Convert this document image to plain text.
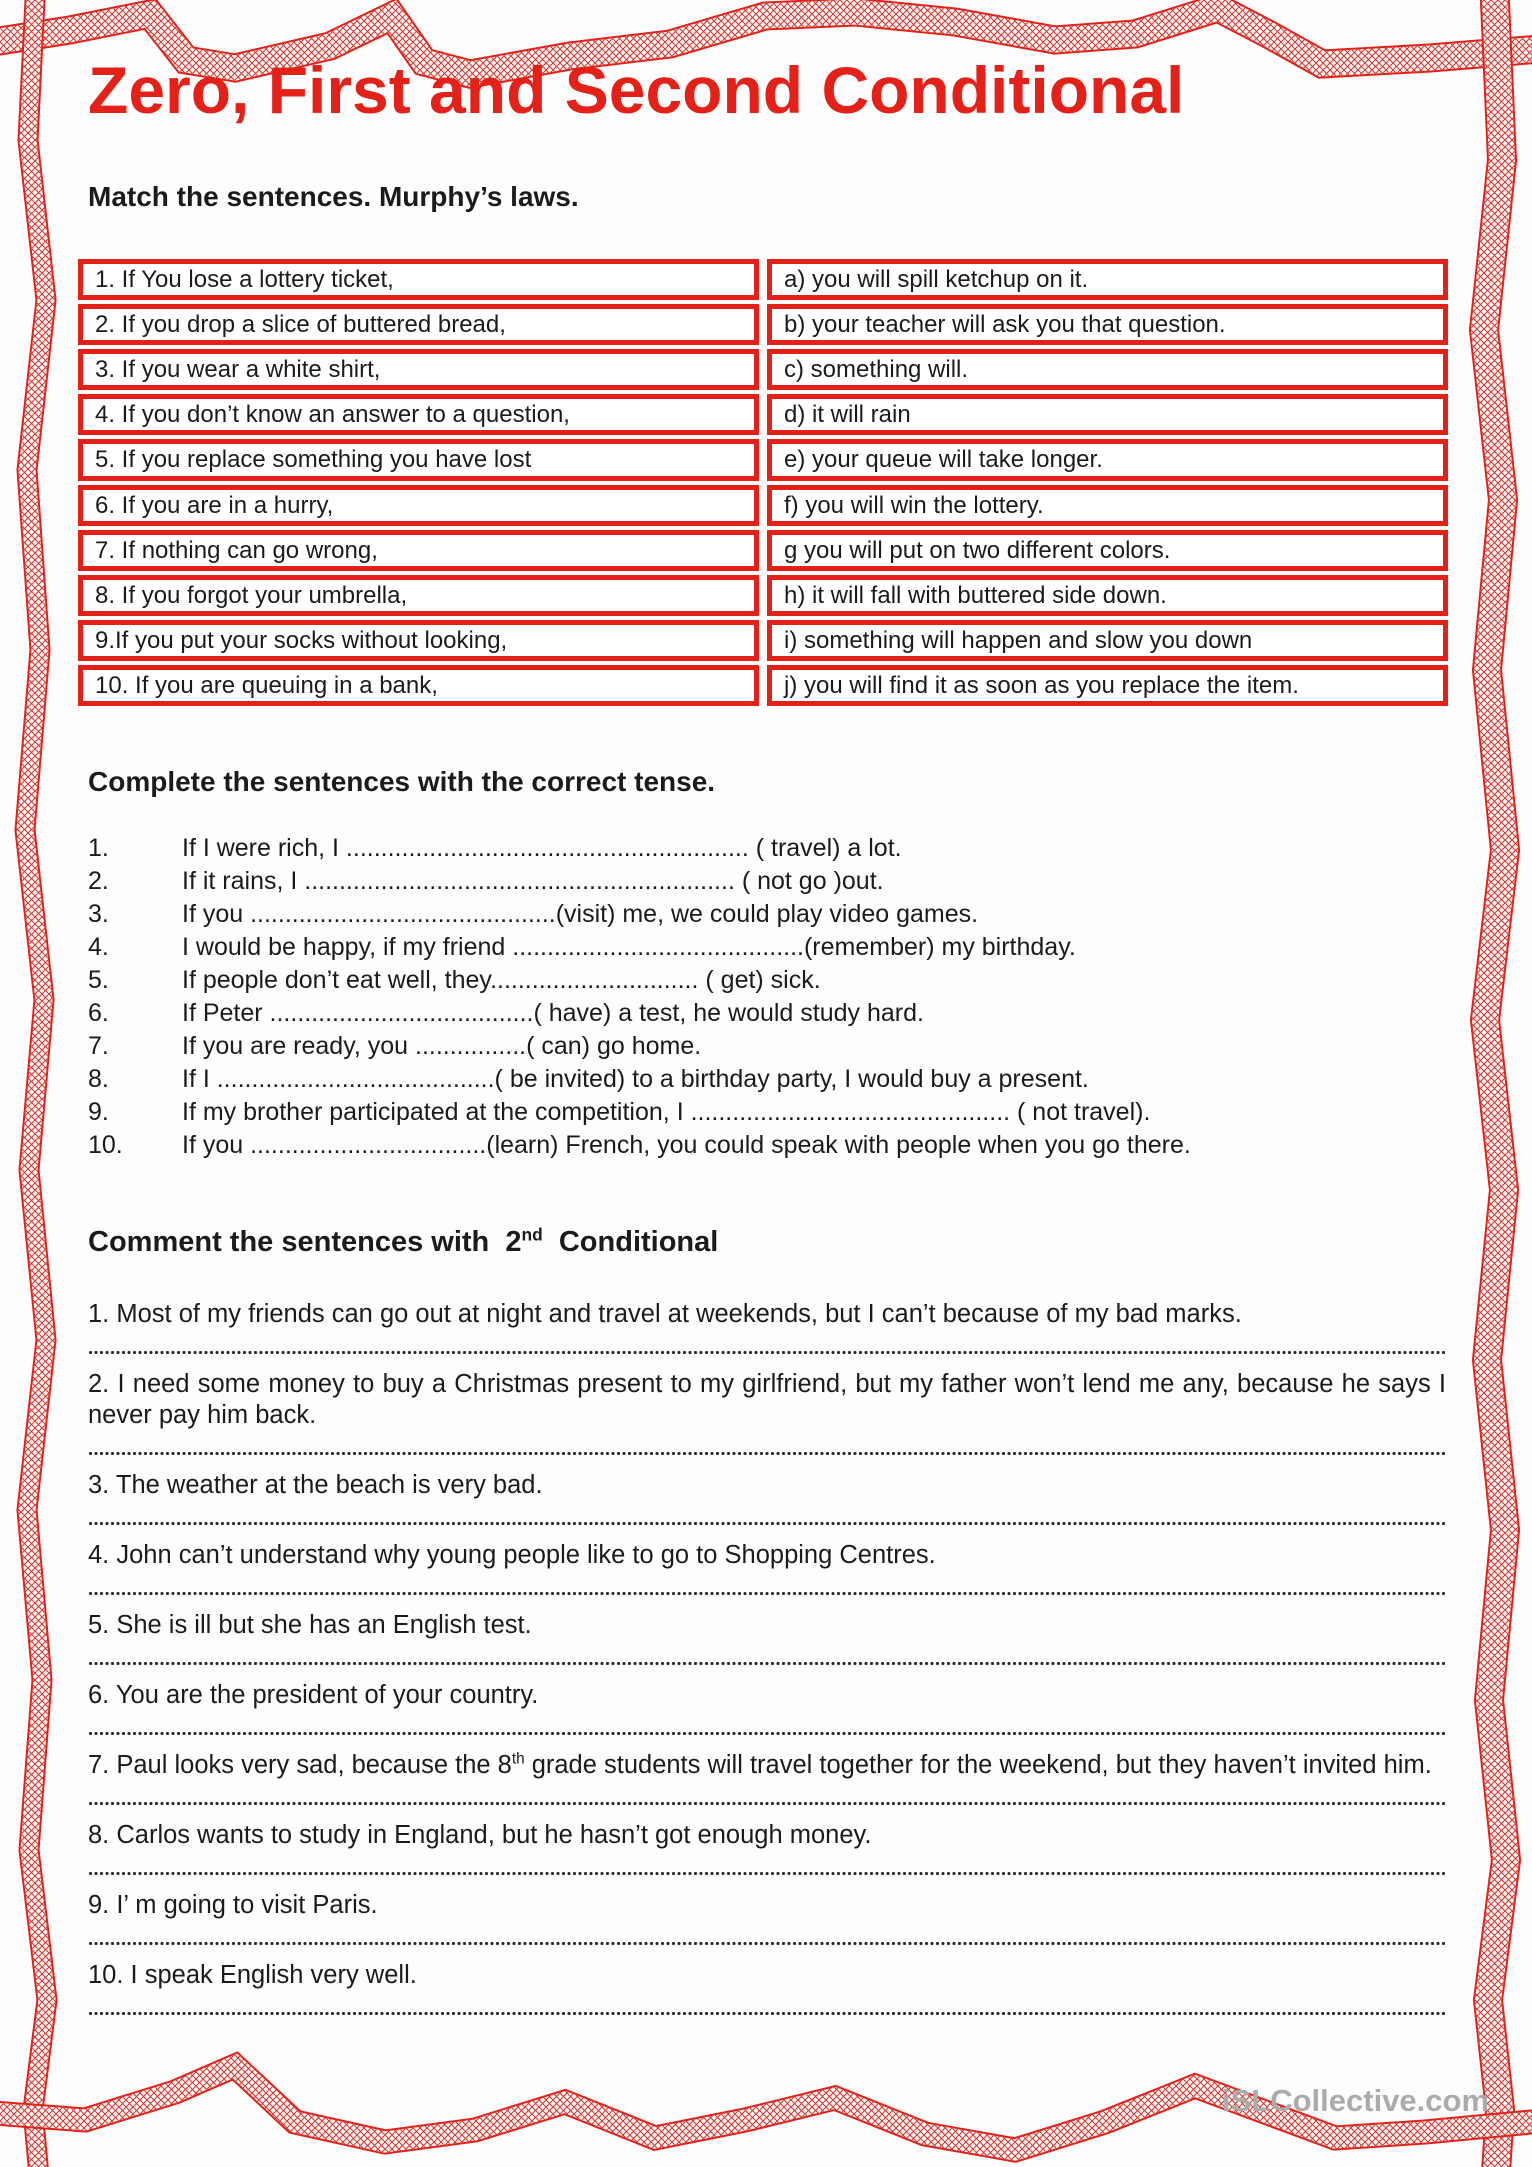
Zero, First and Second Conditional

Match the sentences. Murphy’s laws.

1. If You lose a lottery ticket,	a) you will spill ketchup on it.
2. If you drop a slice of buttered bread,	b) your teacher will ask you that question.
3. If you wear a white shirt,	c) something will.
4. If you don’t know an answer to a question,	d) it will rain
5. If you replace something you have lost	e) your queue will take longer.
6. If you are in a hurry,	f) you will win the lottery.
7. If nothing can go wrong,	g you will put on two different colors.
8. If you forgot your umbrella,	h) it will fall with buttered side down.
9.If you put your socks without looking,	i) something will happen and slow you down
10. If you are queuing in a bank,	j) you will find it as soon as you replace the item.

Complete the sentences with the correct tense.

1.	If I were rich, I .......................................................... ( travel) a lot.
2.	If it rains, I .............................................................. ( not go )out.
3.	If you ............................................(visit) me, we could play video games.
4.	I would be happy, if my friend ..........................................(remember) my birthday.
5.	If people don’t eat well, they.............................. ( get) sick.
6.	If Peter ......................................( have) a test, he would study hard.
7.	If you are ready, you ................( can) go home.
8.	If I ........................................( be invited) to a birthday party, I would buy a present.
9.	If my brother participated at the competition, I .............................................. ( not travel).
10.	If you ..................................(learn) French, you could speak with people when you go there.

Comment the sentences with  2nd  Conditional

1. Most of my friends can go out at night and travel at weekends, but I can’t because of my bad marks.

2. I need some money to buy a Christmas present to my girlfriend, but my father won’t lend me any, because he says I never pay him back.

3. The weather at the beach is very bad.

4. John can’t understand why young people like to go to Shopping Centres.

5. She is ill but she has an English test.

6. You are the president of your country.

7. Paul looks very sad, because the 8th grade students will travel together for the weekend, but they haven’t invited him.

8. Carlos wants to study in England, but he hasn’t got enough money.

9. I’ m going to visit Paris.

10. I speak English very well.

iSLCollective.com
